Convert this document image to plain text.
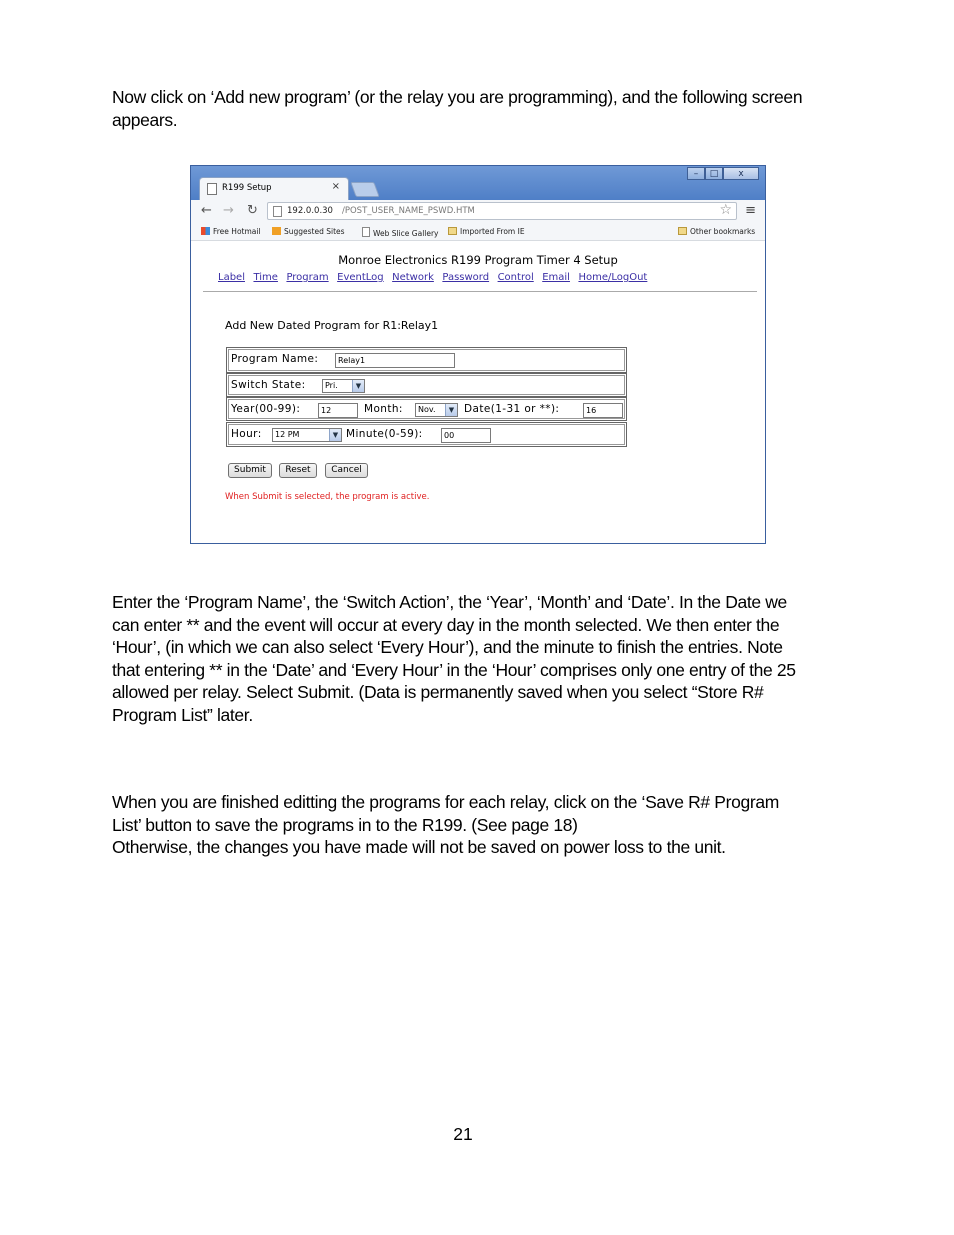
Now click on ‘Add new program’ (or the relay you are programming), and the following screen
appears.
R199 Setup	×
–	□	x
← → ↻	192.0.0.30 /POST_USER_NAME_PSWD.HTM	☆ ≡
Free Hotmail	Suggested Sites	Web Slice Gallery	Imported From IE	Other bookmarks
Monroe Electronics R199 Program Timer 4 Setup
Label Time Program EventLog Network Password Control Email Home/LogOut
Add New Dated Program for R1:Relay1
Program Name:	Relay1
Switch State:	Pri.	▼
Year(00-99):	12	Month:	Nov.	▼ Date(1-31 or **):	16
Hour:	12 PM	▼ Minute(0-59):	00
Submit	Reset	Cancel
When Submit is selected, the program is active.
Enter the ‘Program Name’, the ‘Switch Action’, the ‘Year’, ‘Month’ and ‘Date’. In the Date we
can enter ** and the event will occur at every day in the month selected. We then enter the
‘Hour’, (in which we can also select ‘Every Hour’), and the minute to finish the entries. Note
that entering ** in the ‘Date’ and ‘Every Hour’ in the ‘Hour’ comprises only one entry of the 25
allowed per relay. Select Submit. (Data is permanently saved when you select “Store R#
Program List” later.
When you are finished editting the programs for each relay, click on the ‘Save R# Program
List’ button to save the programs in to the R199. (See page 18)
Otherwise, the changes you have made will not be saved on power loss to the unit.
21
